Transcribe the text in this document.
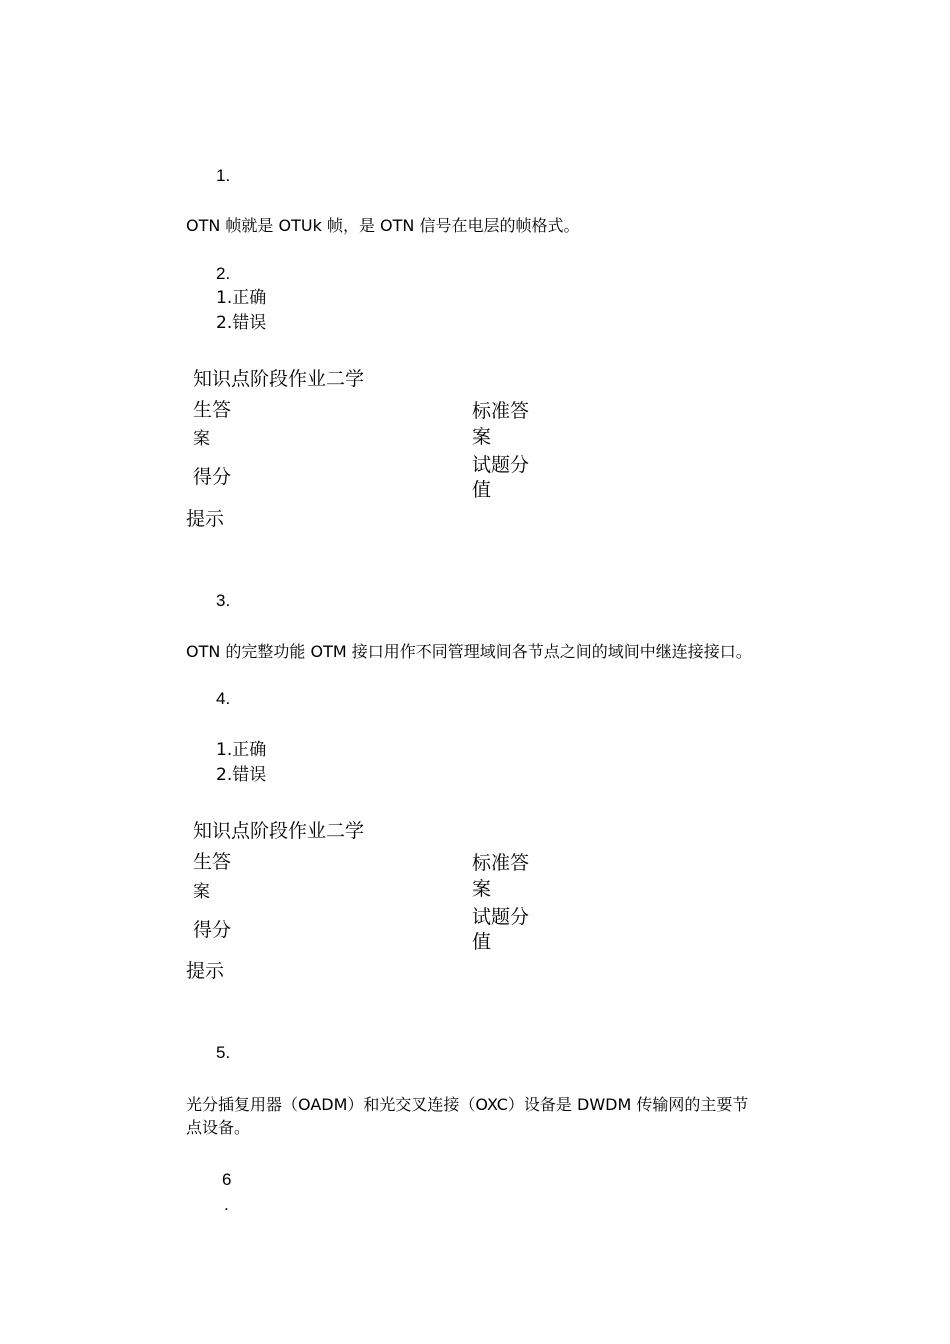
1.
OTN 帧就是 OTUk 帧，是 OTN 信号在电层的帧格式。
2.
1.正确
2.错误
知识点阶段作业二学
生答
案
标准答
案
得分
试题分
值
提示
3.
OTN 的完整功能 OTM 接口用作不同管理域间各节点之间的域间中继连接接口。
4.
1.正确
2.错误
知识点阶段作业二学
生答
案
标准答
案
得分
试题分
值
提示
5.
光分插复用器（OADM）和光交叉连接（OXC）设备是 DWDM 传输网的主要节
点设备。
6
.
